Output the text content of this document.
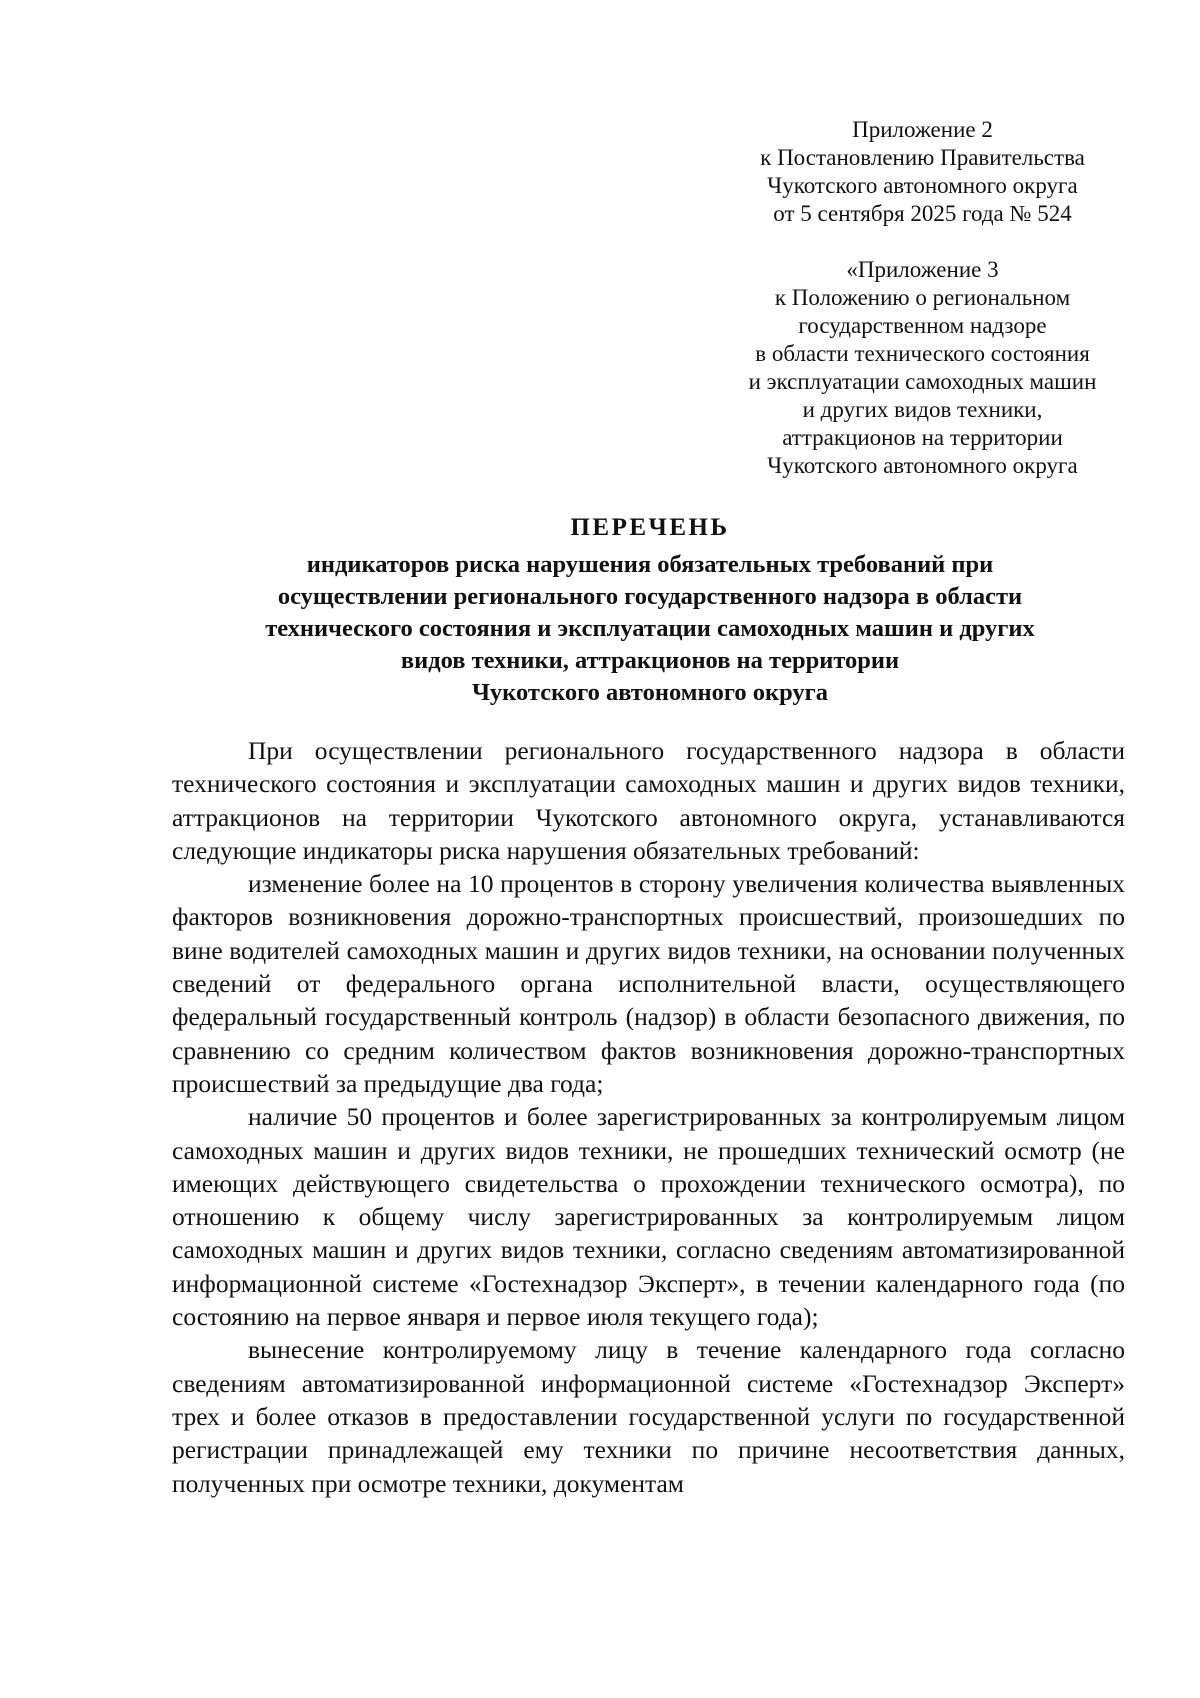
Приложение 2
к Постановлению Правительства
Чукотского автономного округа
от 5 сентября 2025 года № 524
«Приложение 3
к Положению о региональном
государственном надзоре
в области технического состояния
и эксплуатации самоходных машин
и других видов техники,
аттракционов на территории
Чукотского автономного округа
ПЕРЕЧЕНЬ
индикаторов риска нарушения обязательных требований при
осуществлении регионального государственного надзора в области
технического состояния и эксплуатации самоходных машин и других
видов техники, аттракционов на территории
Чукотского автономного округа

При осуществлении регионального государственного надзора в области технического состояния и эксплуатации самоходных машин и других видов техники, аттракционов на территории Чукотского автономного округа, устанавливаются следующие индикаторы риска нарушения обязательных требований:

изменение более на 10 процентов в сторону увеличения количества выявленных факторов возникновения дорожно-транспортных происшествий, произошедших по вине водителей самоходных машин и других видов техники, на основании полученных сведений от федерального органа исполнительной власти, осуществляющего федеральный государственный контроль (надзор) в области безопасного движения, по сравнению со средним количеством фактов возникновения дорожно-транспортных происшествий за предыдущие два года;

наличие 50 процентов и более зарегистрированных за контролируемым лицом самоходных машин и других видов техники, не прошедших технический осмотр (не имеющих действующего свидетельства о прохождении технического осмотра), по отношению к общему числу зарегистрированных за контролируемым лицом самоходных машин и других видов техники, согласно сведениям автоматизированной информационной системе «Гостехнадзор Эксперт», в течении календарного года (по состоянию на первое января и первое июля текущего года);

вынесение контролируемому лицу в течение календарного года согласно сведениям автоматизированной информационной системе «Гостехнадзор Эксперт» трех и более отказов в предоставлении государственной услуги по государственной регистрации принадлежащей ему техники по причине несоответствия данных, полученных при осмотре техники, документам
